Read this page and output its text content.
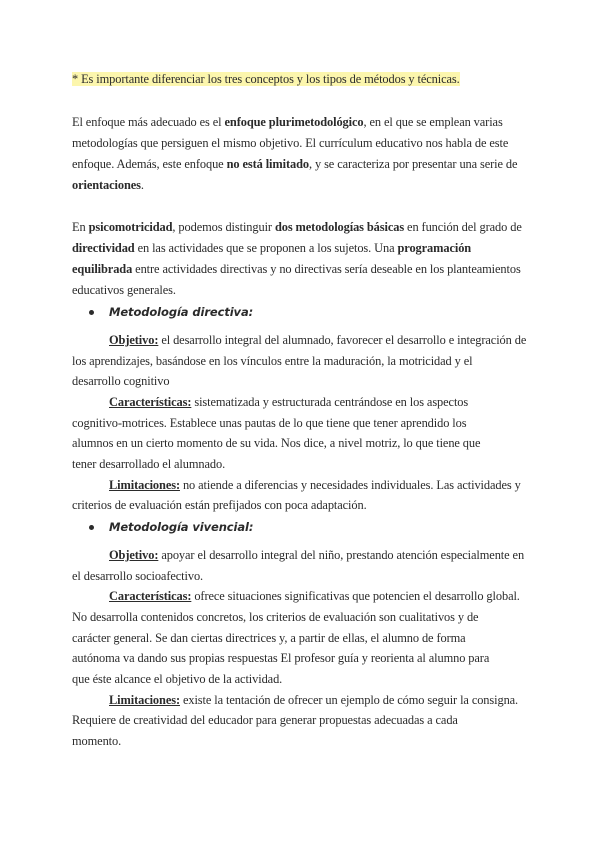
* Es importante diferenciar los tres conceptos y los tipos de métodos y técnicas.
El enfoque más adecuado es el enfoque plurimetodológico, en el que se emplean varias
metodologías que persiguen el mismo objetivo. El currículum educativo nos habla de este
enfoque. Además, este enfoque no está limitado, y se caracteriza por presentar una serie de
orientaciones.
En psicomotricidad, podemos distinguir dos metodologías básicas en función del grado de
directividad en las actividades que se proponen a los sujetos. Una programación
equilibrada entre actividades directivas y no directivas sería deseable en los planteamientos
educativos generales.
Metodología directiva:
Objetivo: el desarrollo integral del alumnado, favorecer el desarrollo e integración de
los aprendizajes, basándose en los vínculos entre la maduración, la motricidad y el
desarrollo cognitivo
Características: sistematizada y estructurada centrándose en los aspectos
cognitivo-motrices. Establece unas pautas de lo que tiene que tener aprendido los
alumnos en un cierto momento de su vida. Nos dice, a nivel motriz, lo que tiene que
tener desarrollado el alumnado.
Limitaciones: no atiende a diferencias y necesidades individuales. Las actividades y
criterios de evaluación están prefijados con poca adaptación.
Metodología vivencial:
Objetivo: apoyar el desarrollo integral del niño, prestando atención especialmente en
el desarrollo socioafectivo.
Características: ofrece situaciones significativas que potencien el desarrollo global.
No desarrolla contenidos concretos, los criterios de evaluación son cualitativos y de
carácter general. Se dan ciertas directrices y, a partir de ellas, el alumno de forma
autónoma va dando sus propias respuestas El profesor guía y reorienta al alumno para
que éste alcance el objetivo de la actividad.
Limitaciones: existe la tentación de ofrecer un ejemplo de cómo seguir la consigna.
Requiere de creatividad del educador para generar propuestas adecuadas a cada
momento.
